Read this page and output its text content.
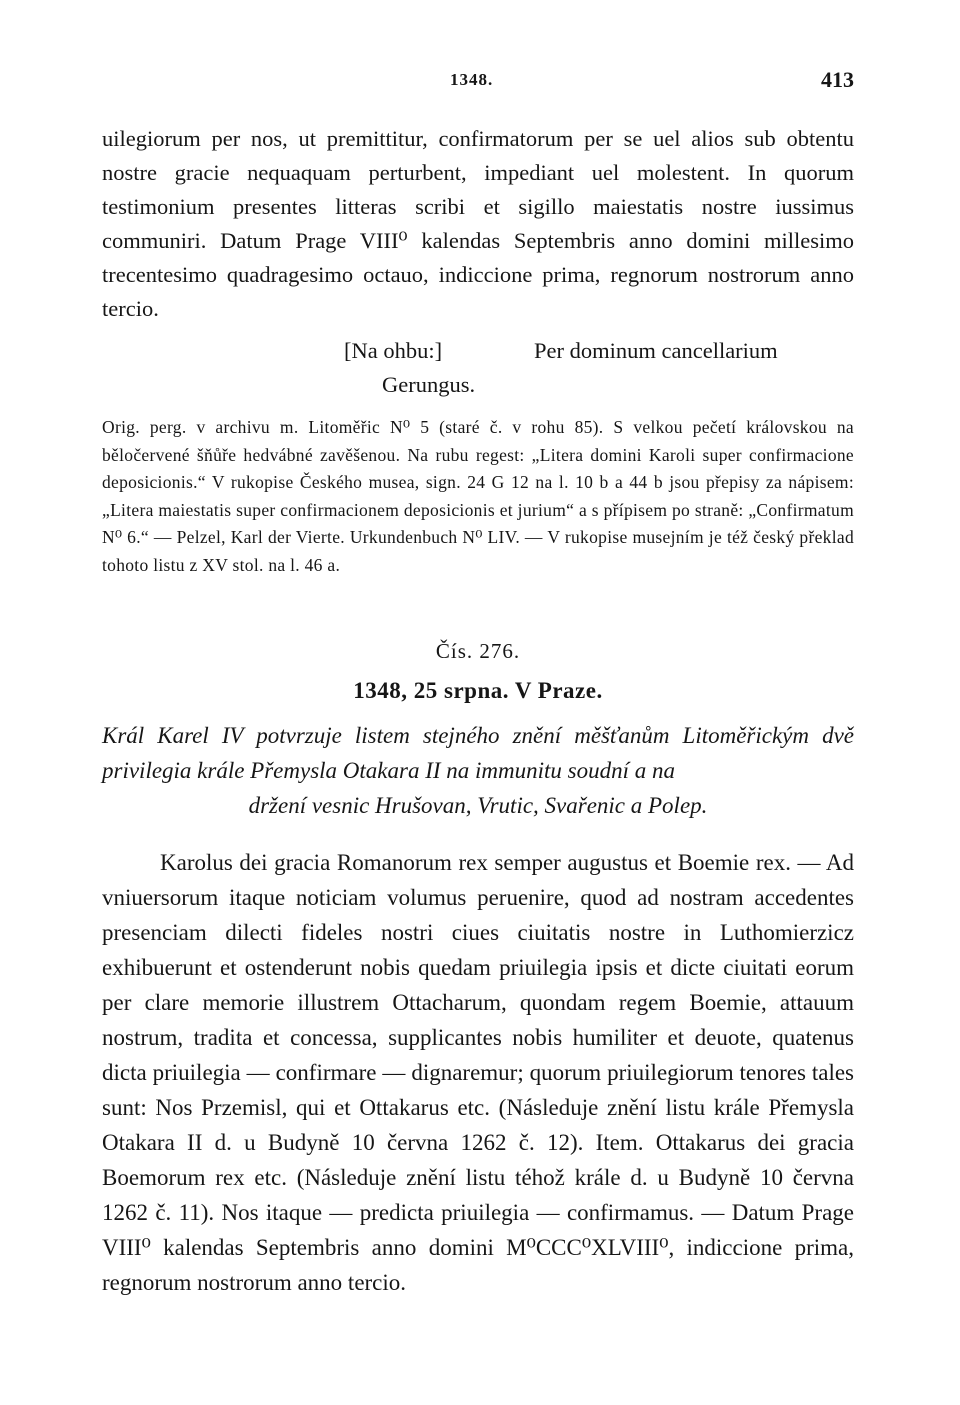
1348.	413

uilegiorum per nos, ut premittitur, confirmatorum per se uel alios sub obtentu nostre gracie nequaquam perturbent, impediant uel molestent. In quorum testimonium presentes litteras scribi et sigillo maiestatis nostre iussimus communiri. Datum Prage VIII⁰ kalendas Septembris anno domini millesimo trecentesimo quadragesimo octauo, indiccione prima, regnorum nostrorum anno tercio.

[Na ohbu:]	Per dominum cancellarium
Gerungus.

Orig. perg. v archivu m. Litoměřic N⁰ 5 (staré č. v rohu 85). S velkou pečetí královskou na běločervené šňůře hedvábné zavěšenou. Na rubu regest: „Litera domini Karoli super confirmacione deposicionis.“ V rukopise Českého musea, sign. 24 G 12 na l. 10 b a 44 b jsou přepisy za nápisem: „Litera maiestatis super confirmacionem deposicionis et jurium“ a s přípisem po straně: „Confirmatum N⁰ 6.“ — Pelzel, Karl der Vierte. Urkundenbuch N⁰ LIV. — V rukopise musejním je též český překlad tohoto listu z XV stol. na l. 46 a.

Čís. 276.
1348, 25 srpna. V Praze.

Král Karel IV potvrzuje listem stejného znění měšťanům Litoměřickým dvě privilegia krále Přemysla Otakara II na immunitu soudní a na

držení vesnic Hrušovan, Vrutic, Svařenic a Polep.

Karolus dei gracia Romanorum rex semper augustus et Boemie rex. — Ad vniuersorum itaque noticiam volumus peruenire, quod ad nostram accedentes presenciam dilecti fideles nostri ciues ciuitatis nostre in Luthomierzicz exhibuerunt et ostenderunt nobis quedam priuilegia ipsis et dicte ciuitati eorum per clare memorie illustrem Ottacharum, quondam regem Boemie, attauum nostrum, tradita et concessa, supplicantes nobis humiliter et deuote, quatenus dicta priuilegia — confirmare — dignaremur; quorum priuilegiorum tenores tales sunt: Nos Przemisl, qui et Ottakarus etc. (Následuje znění listu krále Přemysla Otakara II d. u Budyně 10 června 1262 č. 12). Item. Ottakarus dei gracia Boemorum rex etc. (Následuje znění listu téhož krále d. u Budyně 10 června 1262 č. 11). Nos itaque — predicta priuilegia — confirmamus. — Datum Prage VIII⁰ kalendas Septembris anno domini M⁰CCC⁰XLVIII⁰, indiccione prima, regnorum nostrorum anno tercio.
